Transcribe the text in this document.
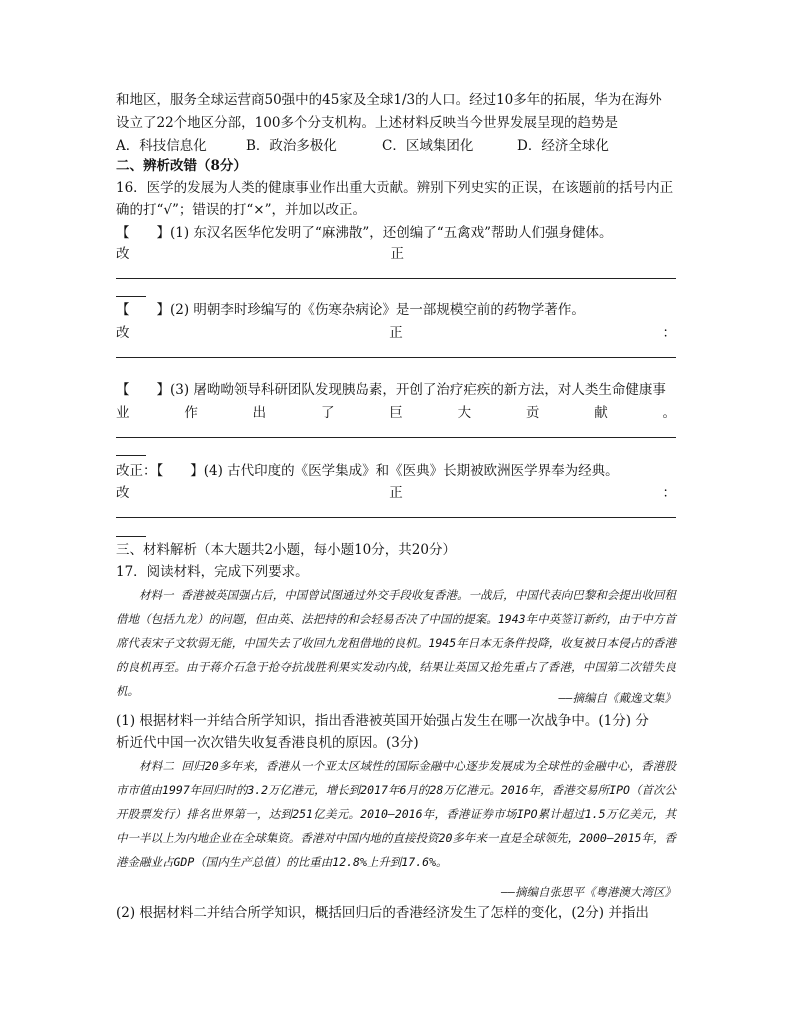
和地区，服务全球运营商50强中的45家及全球1/3的人口。经过10多年的拓展，华为在海外
设立了22个地区分部，100多个分支机构。上述材料反映当今世界发展呈现的趋势是
A．科技信息化	B．政治多极化	C．区域集团化	D．经济全球化
二、辨析改错（8分）
16．医学的发展为人类的健康事业作出重大贡献。辨别下列史实的正误，在该题前的括号内正
确的打“√”；错误的打“×”，并加以改正。
【　　】(1) 东汉名医华佗发明了“麻沸散”，还创编了“五禽戏”帮助人们强身健体。
改	正
【　　】(2) 明朝李时珍编写的《伤寒杂病论》是一部规模空前的药物学著作。
改	正	：
【　　】(3) 屠呦呦领导科研团队发现胰岛素，开创了治疗疟疾的新方法，对人类生命健康事
业	作	出	了	巨	大	贡	献	。
改正：【　　】(4) 古代印度的《医学集成》和《医典》长期被欧洲医学界奉为经典。
改	正	：
三、材料解析（本大题共2小题，每小题10分，共20分）
17．阅读材料，完成下列要求。
材料一 香港被英国强占后，中国曾试图通过外交手段收复香港。一战后，中国代表向巴黎和会提出收回租借地（包括九龙）的问题，但由英、法把持的和会轻易否决了中国的提案。1943年中英签订新约，由于中方首席代表宋子文软弱无能，中国失去了收回九龙租借地的良机。1945年日本无条件投降，收复被日本侵占的香港的良机再至。由于蒋介石急于抢夺抗战胜利果实发动内战，结果让英国又抢先重占了香港，中国第二次错失良机。	——摘编自《戴逸文集》
(1) 根据材料一并结合所学知识，指出香港被英国开始强占发生在哪一次战争中。(1分) 分
析近代中国一次次错失收复香港良机的原因。(3分)
材料二 回归20多年来，香港从一个亚太区域性的国际金融中心逐步发展成为全球性的金融中心，香港股市市值由1997年回归时的3.2万亿港元，增长到2017年6月的28万亿港元。2016年，香港交易所IPO（首次公开股票发行）排名世界第一，达到251亿美元。2010—2016年，香港证券市场IPO累计超过1.5万亿美元，其中一半以上为内地企业在全球集资。香港对中国内地的直接投资20多年来一直是全球领先，2000—2015年，香港金融业占GDP（国内生产总值）的比重由12.8%上升到17.6%。
——摘编自张思平《粤港澳大湾区》
(2) 根据材料二并结合所学知识，概括回归后的香港经济发生了怎样的变化，(2分) 并指出
